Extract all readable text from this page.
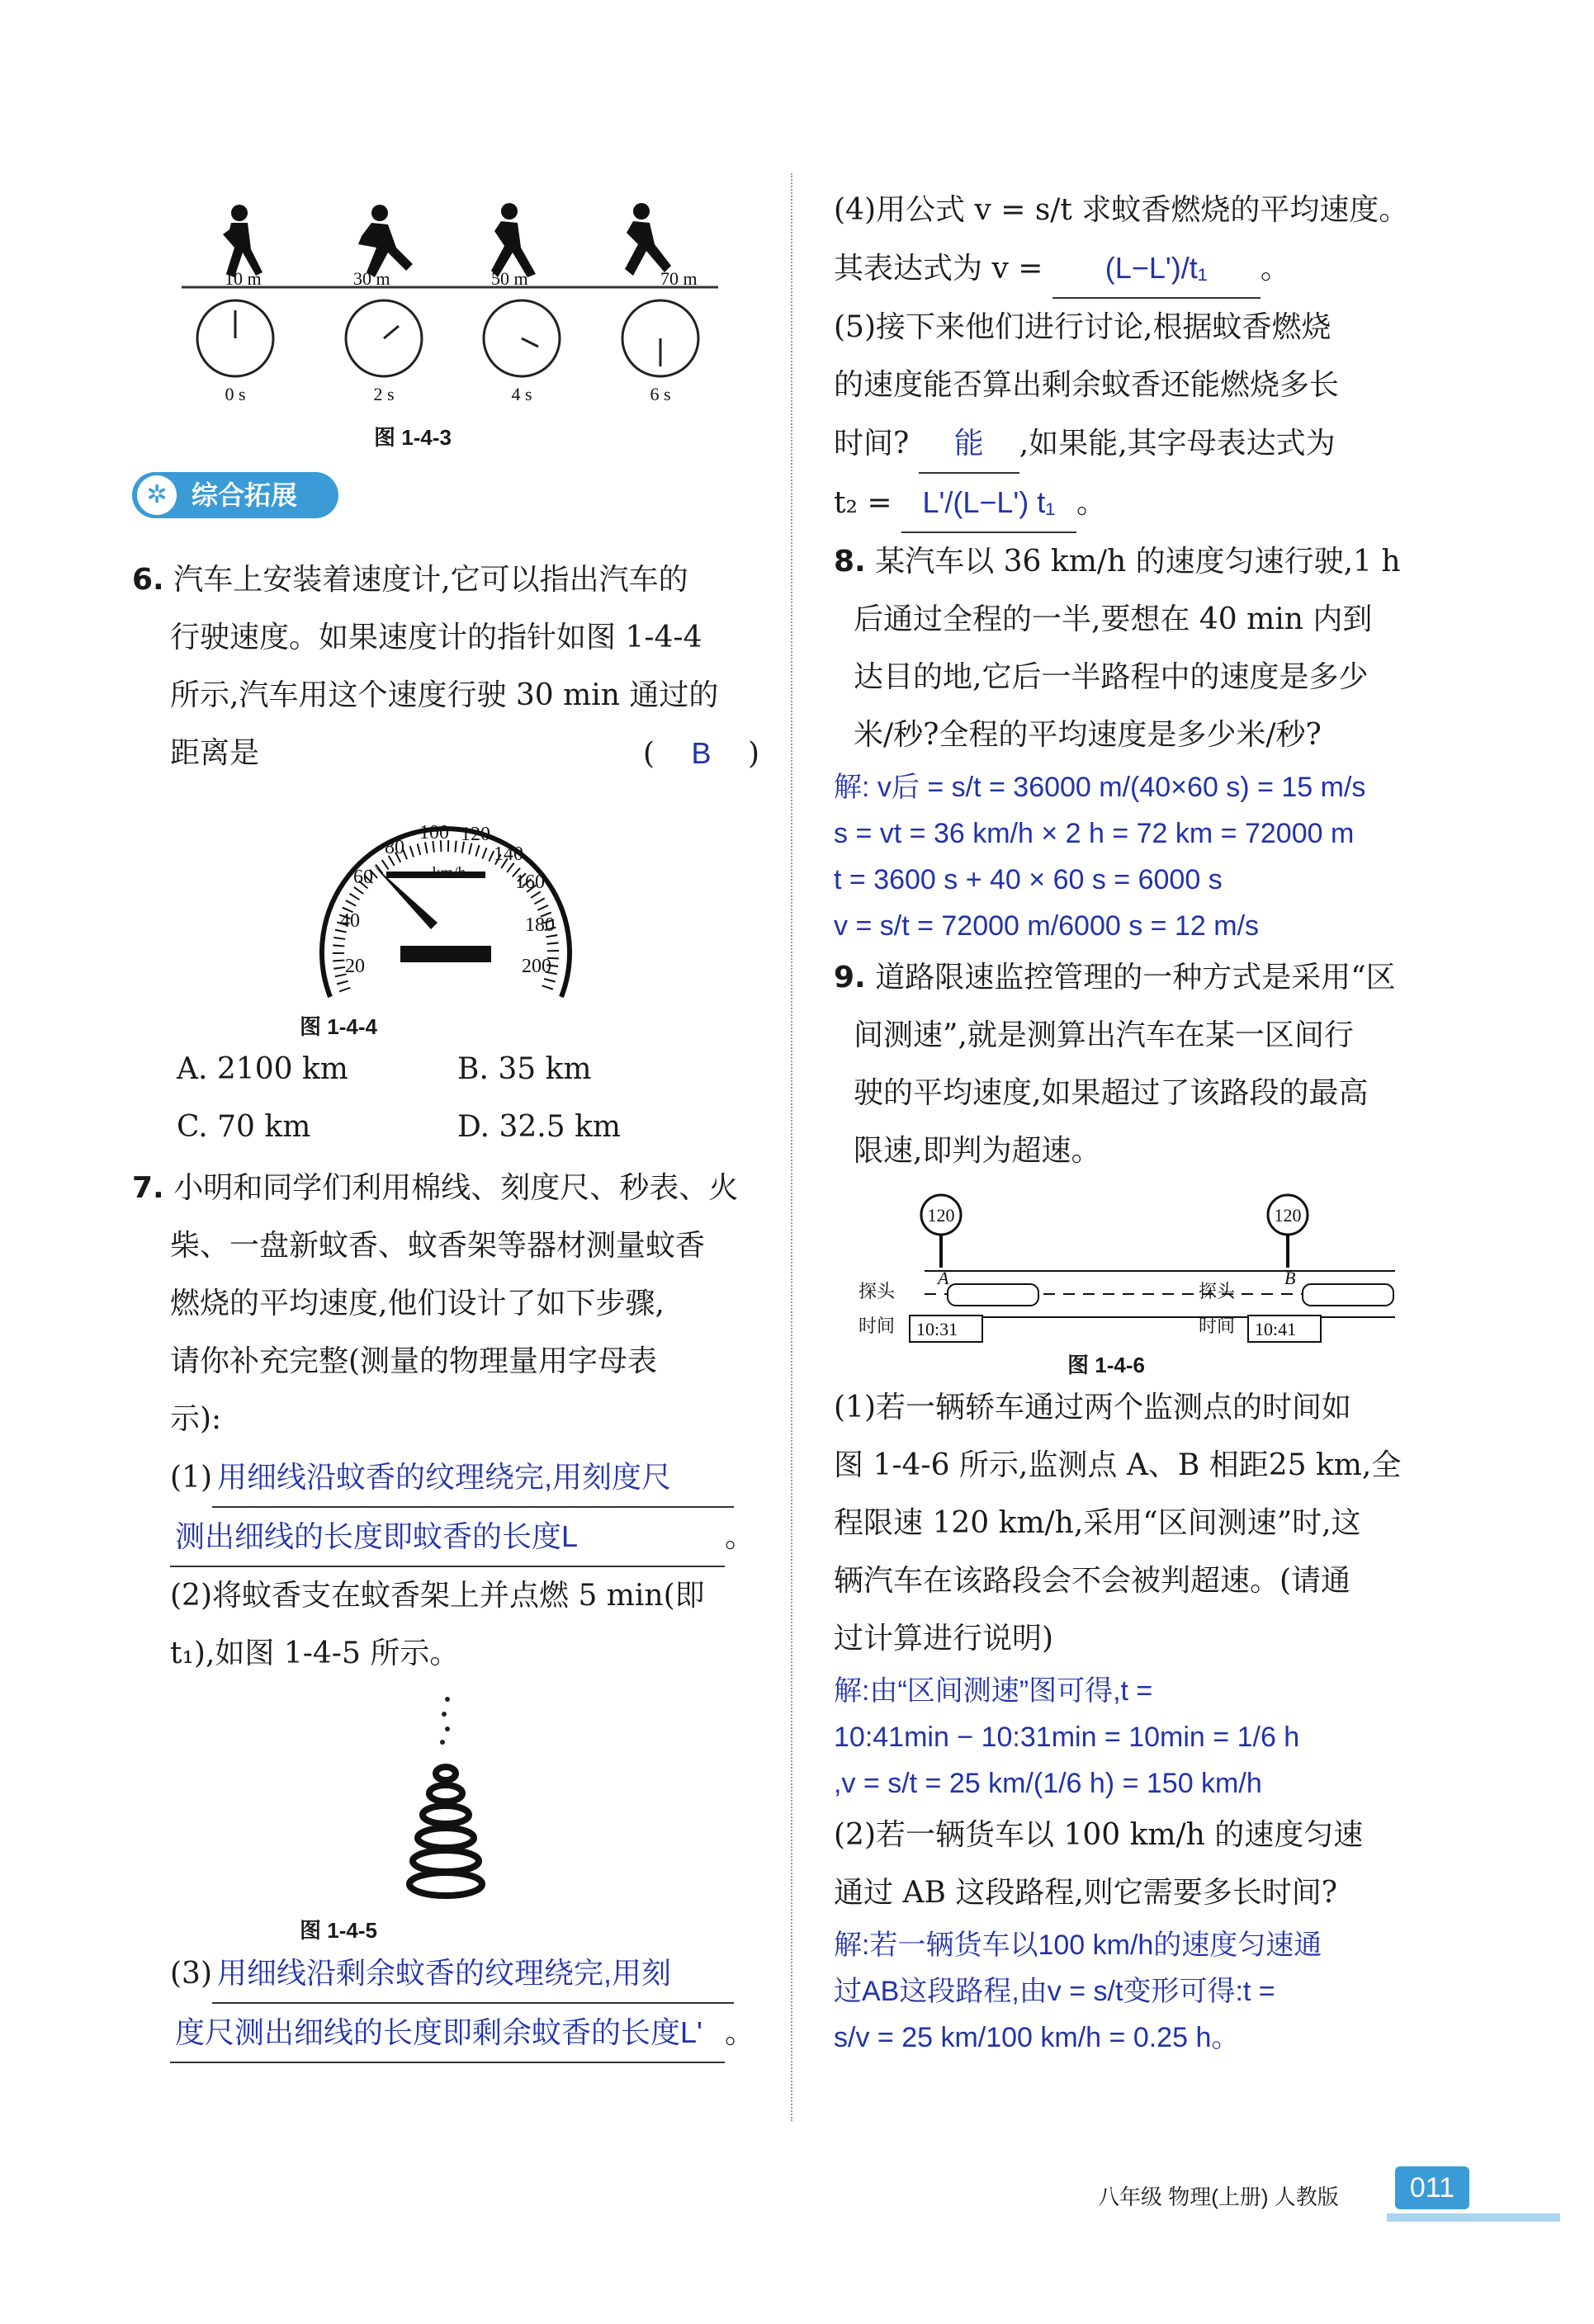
10 m	30 m	50 m	70 m
0 s	2 s	4 s	6 s
图 1-4-3
✲ 综合拓展
6. 汽车上安装着速度计,它可以指出汽车的
行驶速度。如果速度计的指针如图 1-4-4
所示,汽车用这个速度行驶 30 min 通过的
距离是	( B )
20
40
60
80
100 120
140
160
180
200
图 1-4-4
A. 2100 km	B. 35 km
C. 70 km	D. 32.5 km
7. 小明和同学们利用棉线、刻度尺、秒表、火
柴、一盘新蚊香、蚊香架等器材测量蚊香
燃烧的平均速度,他们设计了如下步骤,
请你补充完整(测量的物理量用字母表
示):
(1) 用细线沿蚊香的纹理绕完,用刻度尺
测出细线的长度即蚊香的长度L	。
(2)将蚊香支在蚊香架上并点燃 5 min(即
t₁),如图 1-4-5 所示。
图 1-4-5
(3) 用细线沿剩余蚊香的纹理绕完,用刻
度尺测出细线的长度即剩余蚊香的长度L' 。
(4)用公式 v = s/t 求蚊香燃烧的平均速度。
其表达式为 v = (L−L')/t₁ 。
(5)接下来他们进行讨论,根据蚊香燃烧
的速度能否算出剩余蚊香还能燃烧多长
时间? 能 ,如果能,其字母表达式为
t₂ = L'/(L−L') t₁ 。
8. 某汽车以 36 km/h 的速度匀速行驶,1 h
后通过全程的一半,要想在 40 min 内到
达目的地,它后一半路程中的速度是多少
米/秒?全程的平均速度是多少米/秒?
解: v后 = s/t = 36000 m/(40×60 s) = 15 m/s
s = vt = 36 km/h × 2 h = 72 km = 72000 m
t = 3600 s + 40 × 60 s = 6000 s
v = s/t = 72000 m/6000 s = 12 m/s
9. 道路限速监控管理的一种方式是采用“区
间测速”,就是测算出汽车在某一区间行
驶的平均速度,如果超过了该路段的最高
限速,即判为超速。
120	120
A	B
探头	探头
时间	时间
10:31	10:41
图 1-4-6
(1)若一辆轿车通过两个监测点的时间如
图 1-4-6 所示,监测点 A、B 相距25 km,全
程限速 120 km/h,采用“区间测速”时,这
辆汽车在该路段会不会被判超速。(请通
过计算进行说明)
解:由“区间测速”图可得,t =
10:41min − 10:31min = 10min = 1/6 h
,v = s/t = 25 km/(1/6 h) = 150 km/h
(2)若一辆货车以 100 km/h 的速度匀速
通过 AB 这段路程,则它需要多长时间?
解:若一辆货车以100 km/h的速度匀速通
过AB这段路程,由v = s/t变形可得:t =
s/v = 25 km/100 km/h = 0.25 h。
八年级 物理(上册) 人教版	011
